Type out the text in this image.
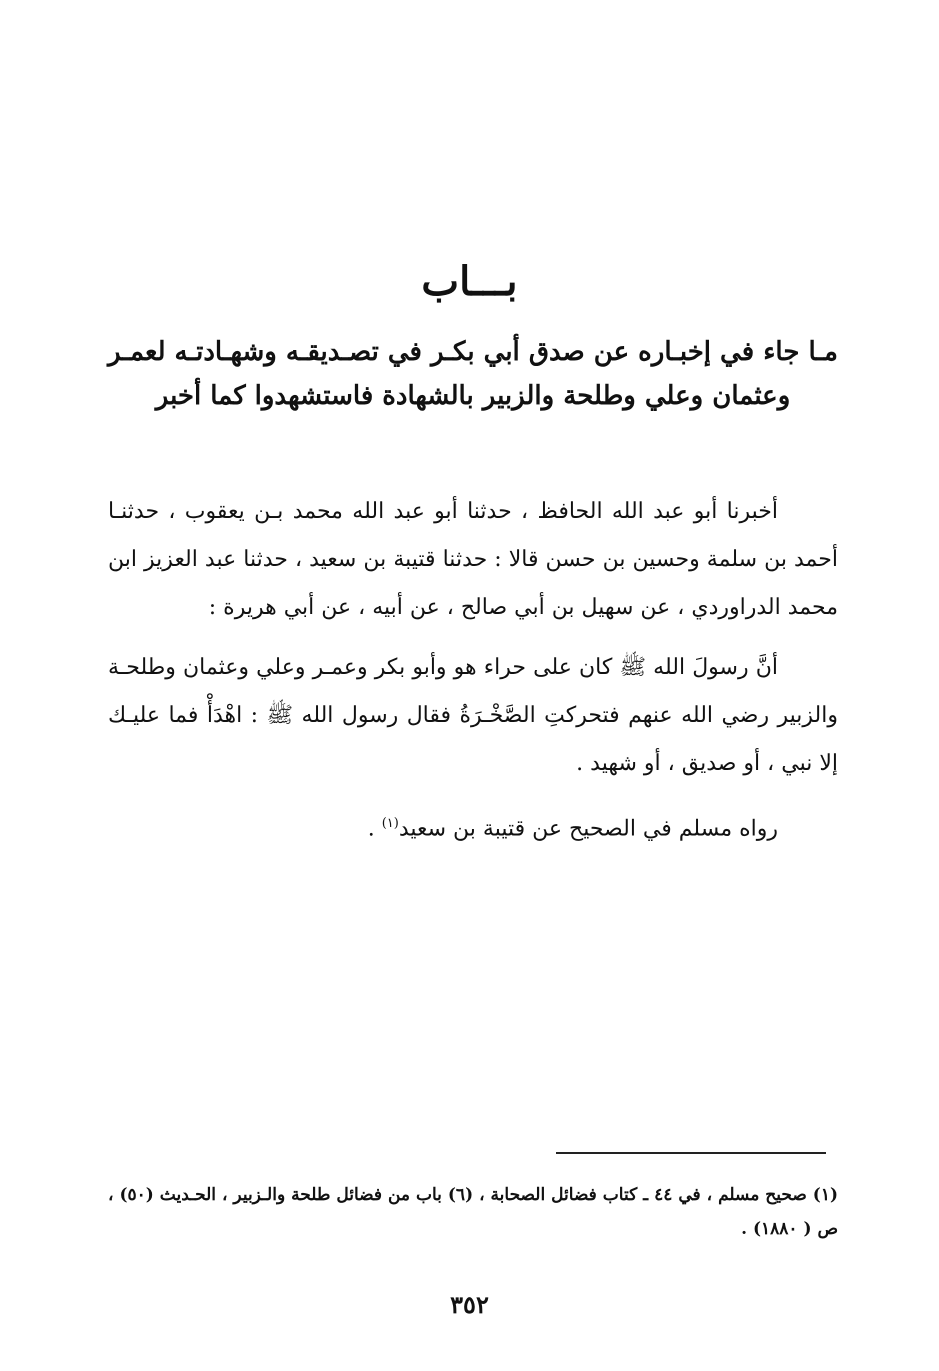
بـــاب
مـا جاء في إخبـاره عن صدق أبي بكـر في تصـديقـه وشهـادتـه لعمـر وعثمان وعلي وطلحة والزبير بالشهادة فاستشهدوا كما أخبر

أخبرنا أبو عبد الله الحافظ ، حدثنا أبو عبد الله محمد بـن يعقوب ، حدثنـا أحمد بن سلمة وحسين بن حسن قالا : حدثنا قتيبة بن سعيد ، حدثنا عبد العزيز ابن محمد الدراوردي ، عن سهيل بن أبي صالح ، عن أبيه ، عن أبي هريرة :

أنَّ رسولَ الله ﷺ كان على حراء هو وأبو بكر وعمـر وعلي وعثمان وطلحـة والزبير رضي الله عنهم فتحركتِ الصَّخْـرَةُ فقال رسول الله ﷺ : اهْدَأْ فما عليـك إلا نبي ، أو صديق ، أو شهيد .

رواه مسلم في الصحيح عن قتيبة بن سعيد$^{(١)}$ .

(١) صحيح مسلم ، في ٤٤ ـ كتاب فضائل الصحابة ، (٦) باب من فضائل طلحة والـزبير ، الحـديث (٥٠) ، ص ( ١٨٨٠) .
٣٥٢
